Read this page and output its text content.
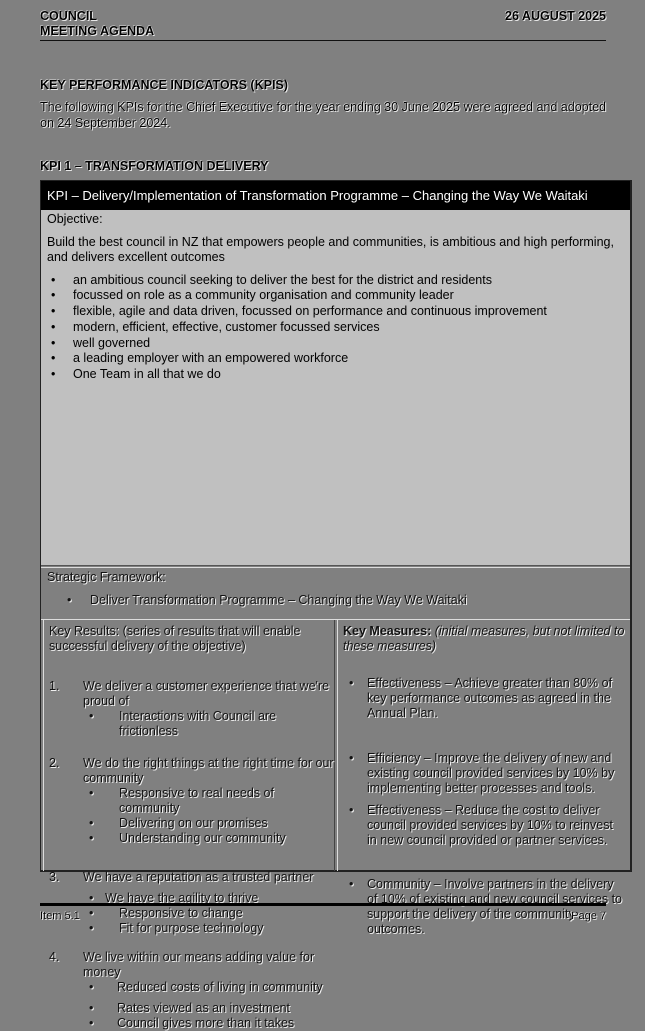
COUNCIL
MEETING AGENDA
26 AUGUST 2025
KEY PERFORMANCE INDICATORS (KPIS)
The following KPIs for the Chief Executive for the year ending 30 June 2025 were agreed and adopted on 24 September 2024.
KPI 1 – TRANSFORMATION DELIVERY
KPI – Delivery/Implementation of Transformation Programme – Changing the Way We Waitaki
Objective:
Build the best council in NZ that empowers people and communities, is ambitious and high performing, and delivers excellent outcomes
• an ambitious council seeking to deliver the best for the district and residents
• focussed on role as a community organisation and community leader
• flexible, agile and data driven, focussed on performance and continuous improvement
• modern, efficient, effective, customer focussed services
• well governed
• a leading employer with an empowered workforce
• One Team in all that we do
Strategic Framework:
• Deliver Transformation Programme – Changing the Way We Waitaki
Key Results: (series of results that will enable successful delivery of the objective)
1.	We deliver a customer experience that we're proud of
• Interactions with Council are frictionless
2.	We do the right things at the right time for our community
• Responsive to real needs of community
• Delivering on our promises
• Understanding our community
3.	We have a reputation as a trusted partner
• We have the agility to thrive
• Responsive to change
• Fit for purpose technology
4.	We live within our means adding value for money
• Reduced costs of living in community
• Rates viewed as an investment
• Council gives more than it takes
Key Measures: (initial measures, but not limited to these measures)
• Effectiveness – Achieve greater than 80% of key performance outcomes as agreed in the Annual Plan.
• Efficiency – Improve the delivery of new and existing council provided services by 10% by implementing better processes and tools.
• Effectiveness – Reduce the cost to deliver council provided services by 10% to reinvest in new council provided or partner services.
• Community – Involve partners in the delivery of 10% of existing and new council services to support the delivery of the community outcomes.
Item 5.1	Page 7
